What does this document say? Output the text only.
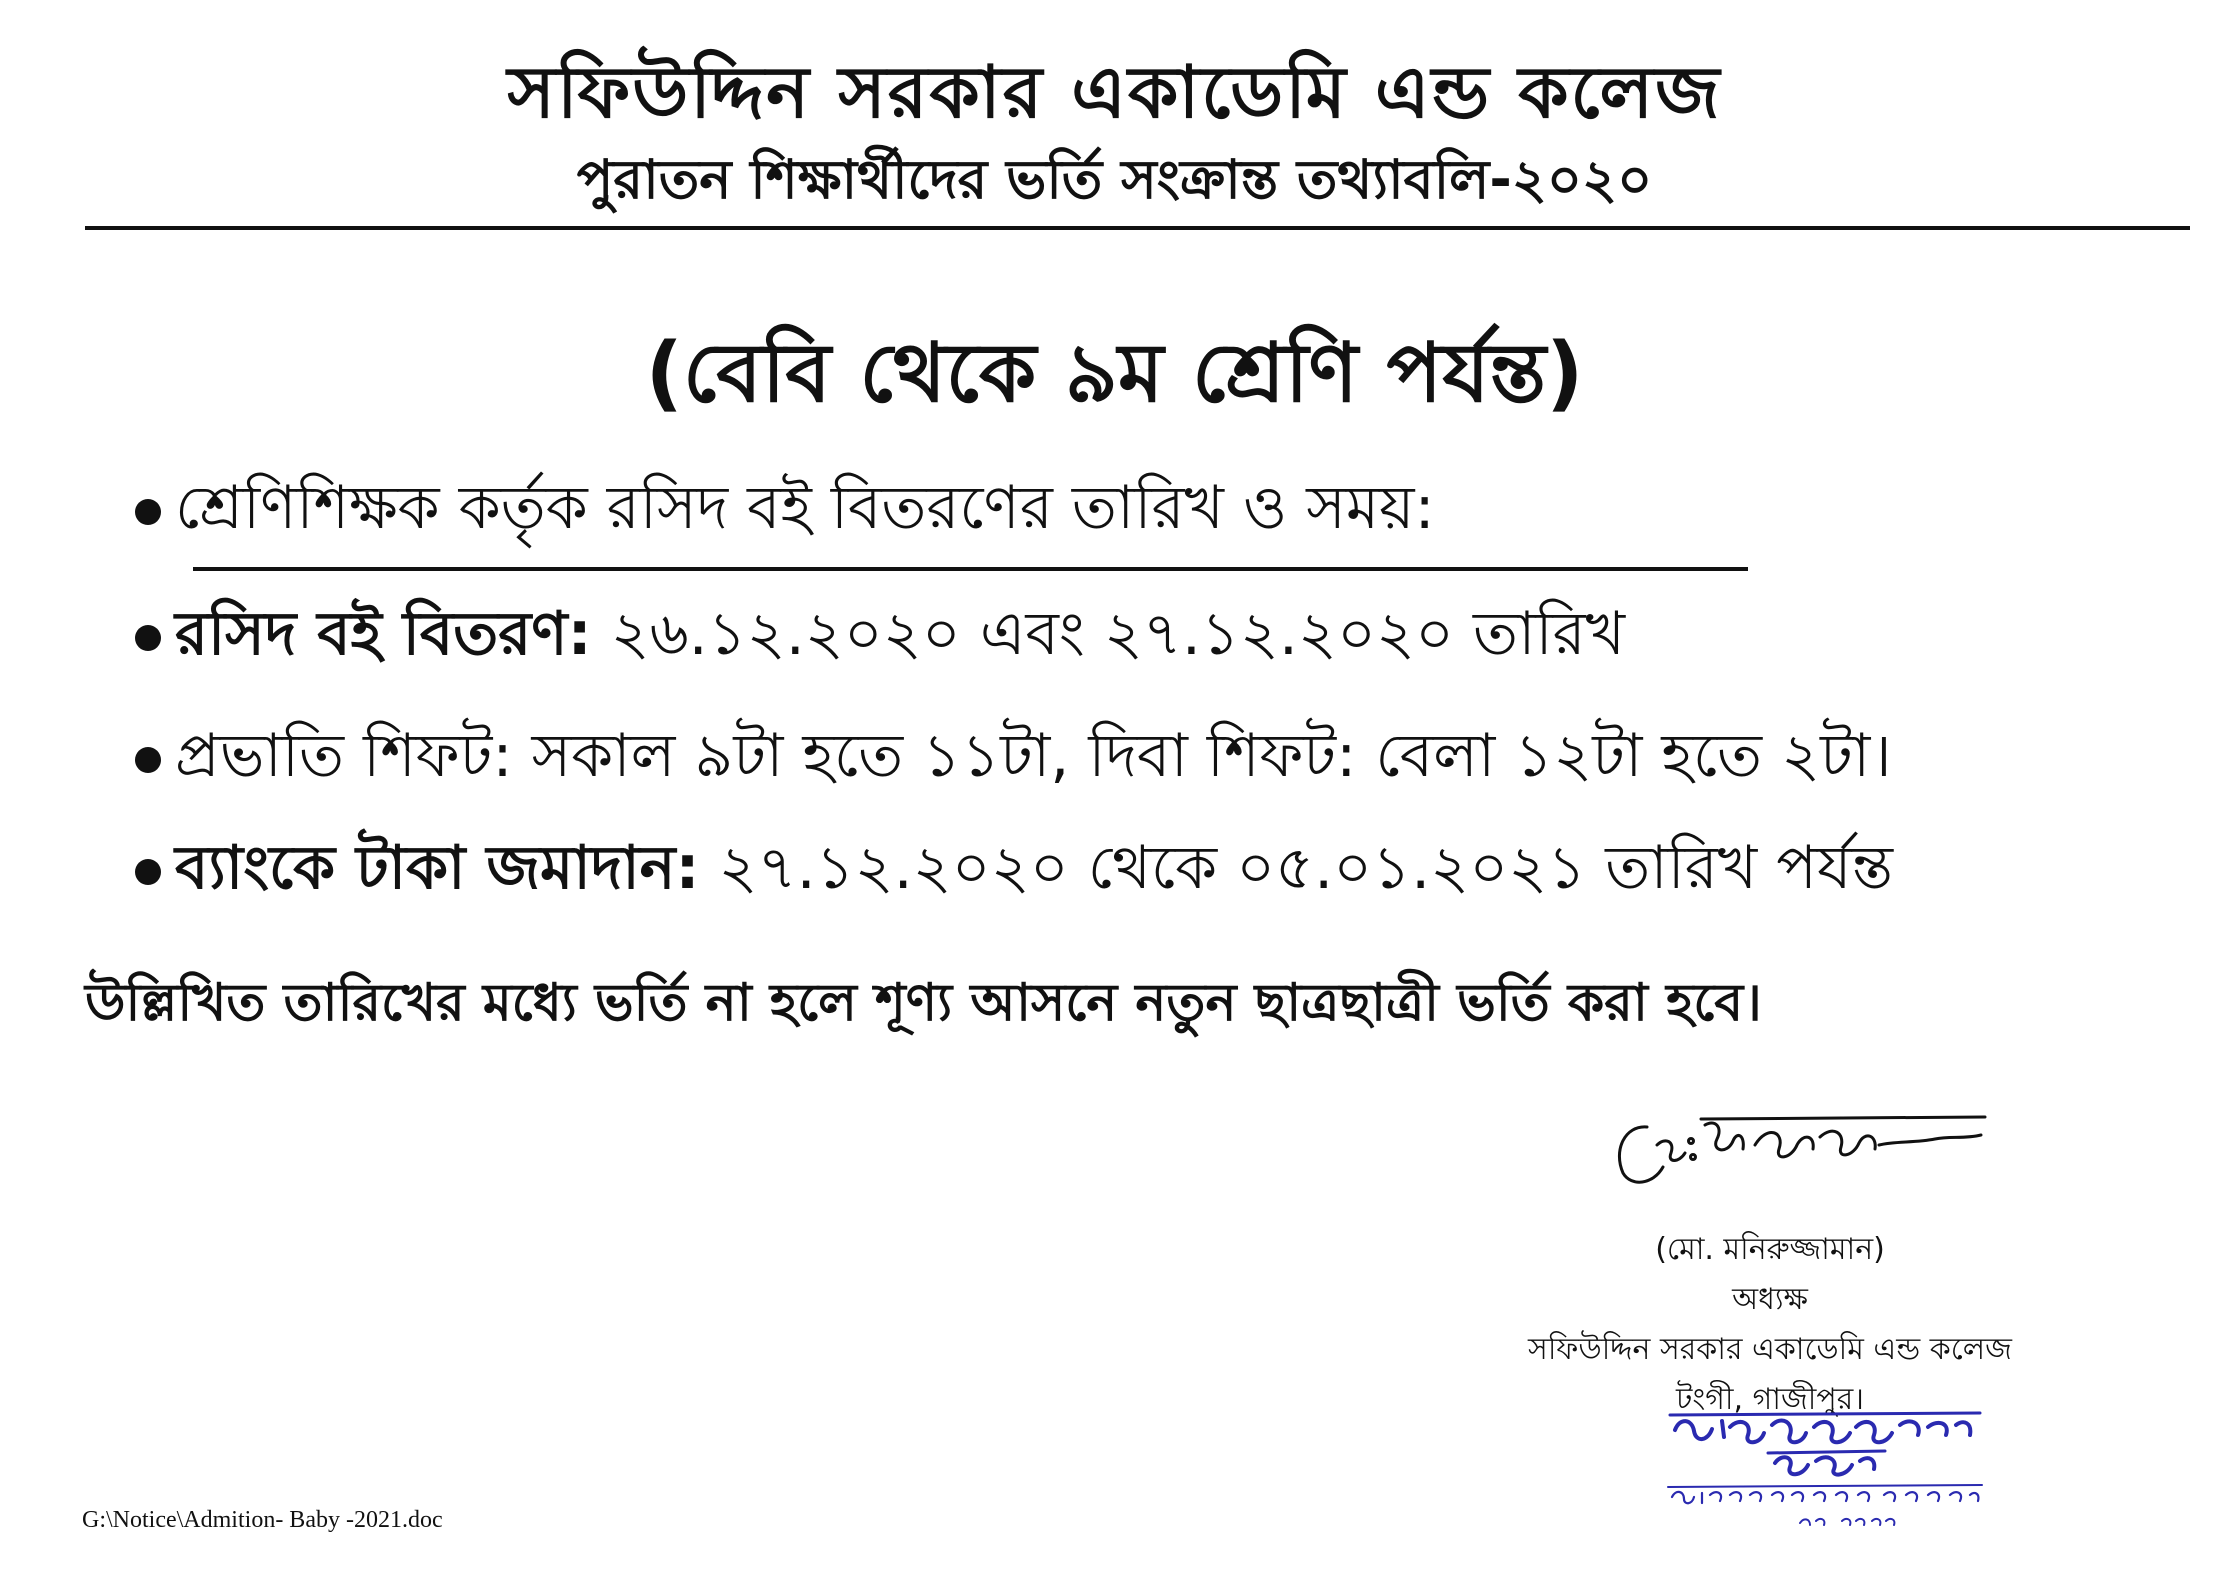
সফিউদ্দিন সরকার একাডেমি এন্ড কলেজ
পুরাতন শিক্ষার্থীদের ভর্তি সংক্রান্ত তথ্যাবলি-২০২০
(বেবি থেকে ৯ম শ্রেণি পর্যন্ত)
শ্রেণিশিক্ষক কর্তৃক রসিদ বই বিতরণের তারিখ ও সময়:
রসিদ বই বিতরণ: ২৬.১২.২০২০ এবং ২৭.১২.২০২০ তারিখ
প্রভাতি শিফট: সকাল ৯টা হতে ১১টা, দিবা শিফট: বেলা ১২টা হতে ২টা।
ব্যাংকে টাকা জমাদান: ২৭.১২.২০২০ থেকে ০৫.০১.২০২১ তারিখ পর্যন্ত
উল্লিখিত তারিখের মধ্যে ভর্তি না হলে শূণ্য আসনে নতুন ছাত্রছাত্রী ভর্তি করা হবে।
(মো. মনিরুজ্জামান)
অধ্যক্ষ
সফিউদ্দিন সরকার একাডেমি এন্ড কলেজ
টংগী, গাজীপুর।
G:\Notice\Admition- Baby -2021.doc
